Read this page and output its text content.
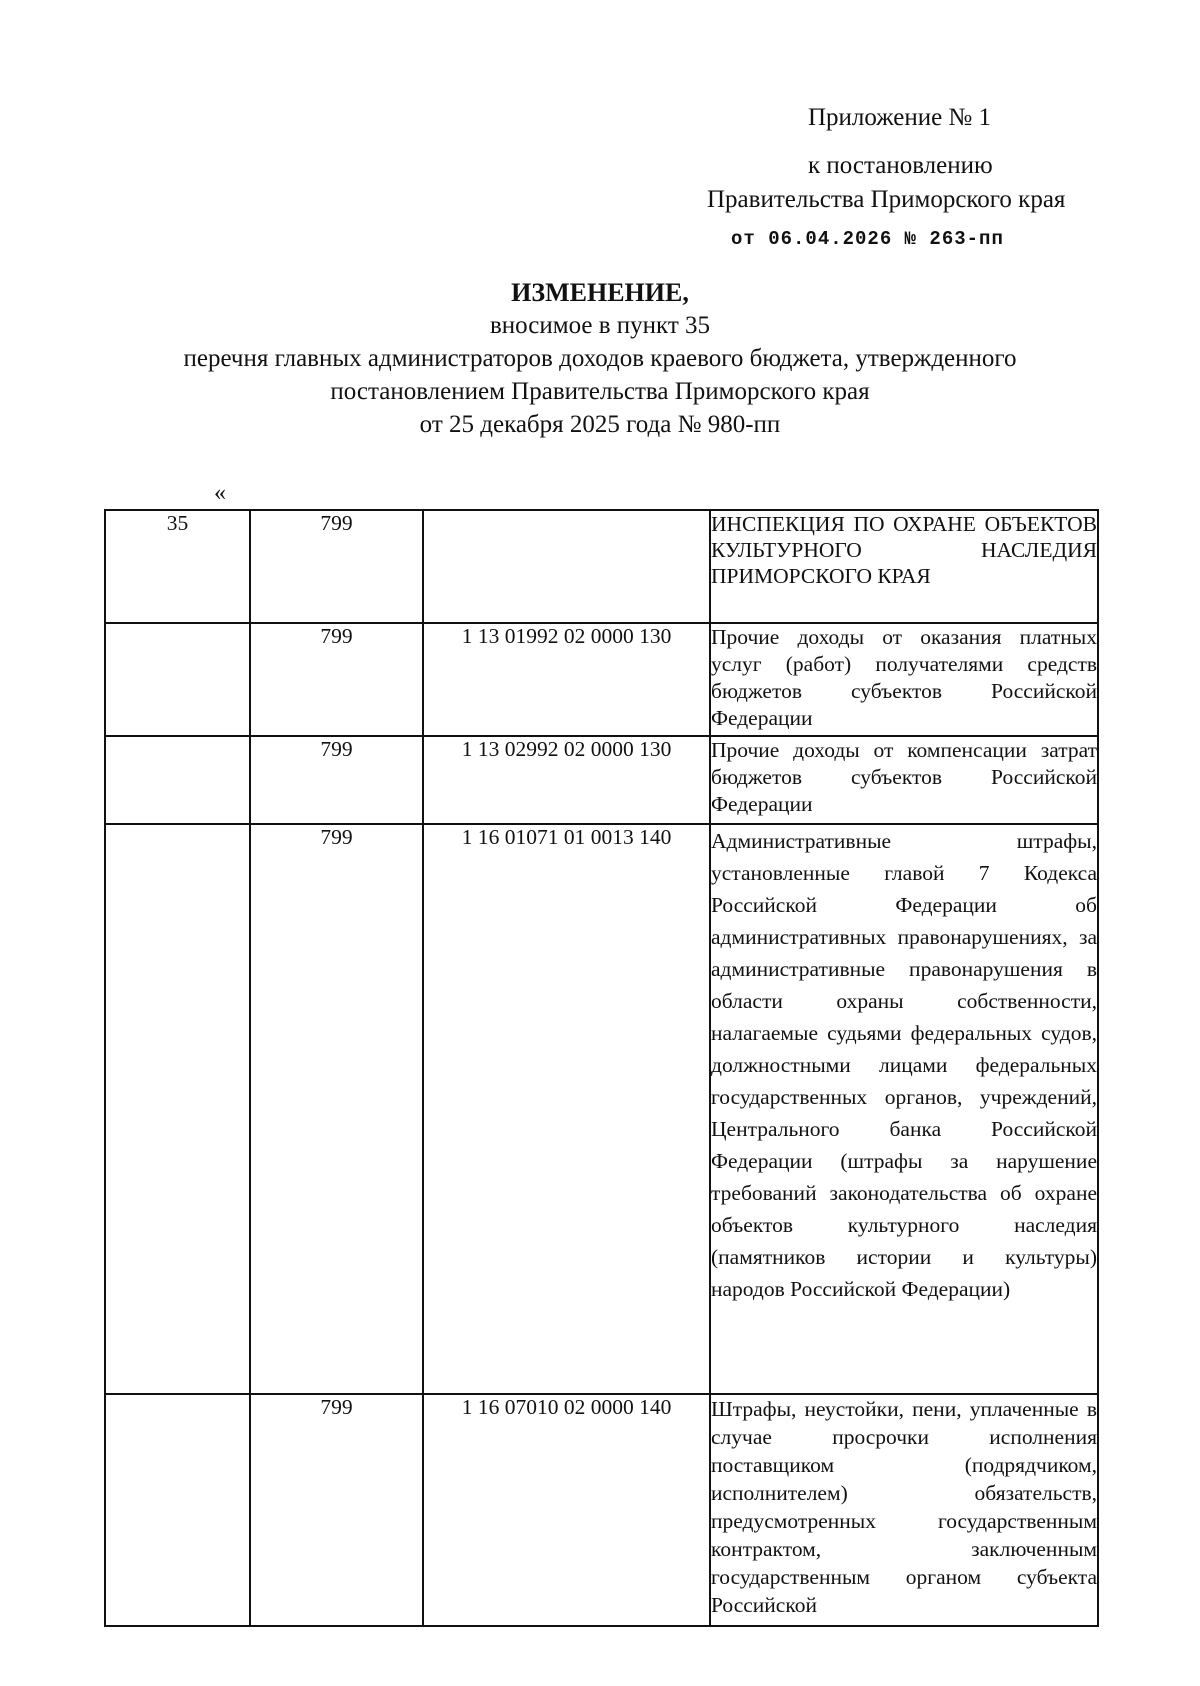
Приложение № 1
к постановлению
Правительства Приморского края
от 06.04.2026 № 263-пп
ИЗМЕНЕНИЕ,
вносимое в пункт 35
перечня главных администраторов доходов краевого бюджета, утвержденного
постановлением Правительства Приморского края
от 25 декабря 2025 года № 980-пп
«
35	799		ИНСПЕКЦИЯ ПО ОХРАНЕ ОБЪЕКТОВ КУЛЬТУРНОГО НАСЛЕДИЯ ПРИМОРСКОГО КРАЯ
	799	1 13 01992 02 0000 130	Прочие доходы от оказания платных услуг (работ) получателями средств бюджетов субъектов Российской Федерации
	799	1 13 02992 02 0000 130	Прочие доходы от компенсации затрат бюджетов субъектов Российской Федерации
	799	1 16 01071 01 0013 140	Административные штрафы, установленные главой 7 Кодекса Российской Федерации об административных правонарушениях, за административные правонарушения в области охраны собственности, налагаемые судьями федеральных судов, должностными лицами федеральных государственных органов, учреждений, Центрального банка Российской Федерации (штрафы за нарушение требований законодательства об охране объектов культурного наследия (памятников истории и культуры) народов Российской Федерации)
	799	1 16 07010 02 0000 140	Штрафы, неустойки, пени, уплаченные в случае просрочки исполнения поставщиком (подрядчиком, исполнителем) обязательств, предусмотренных государственным контрактом, заключенным государственным органом субъекта Российской
